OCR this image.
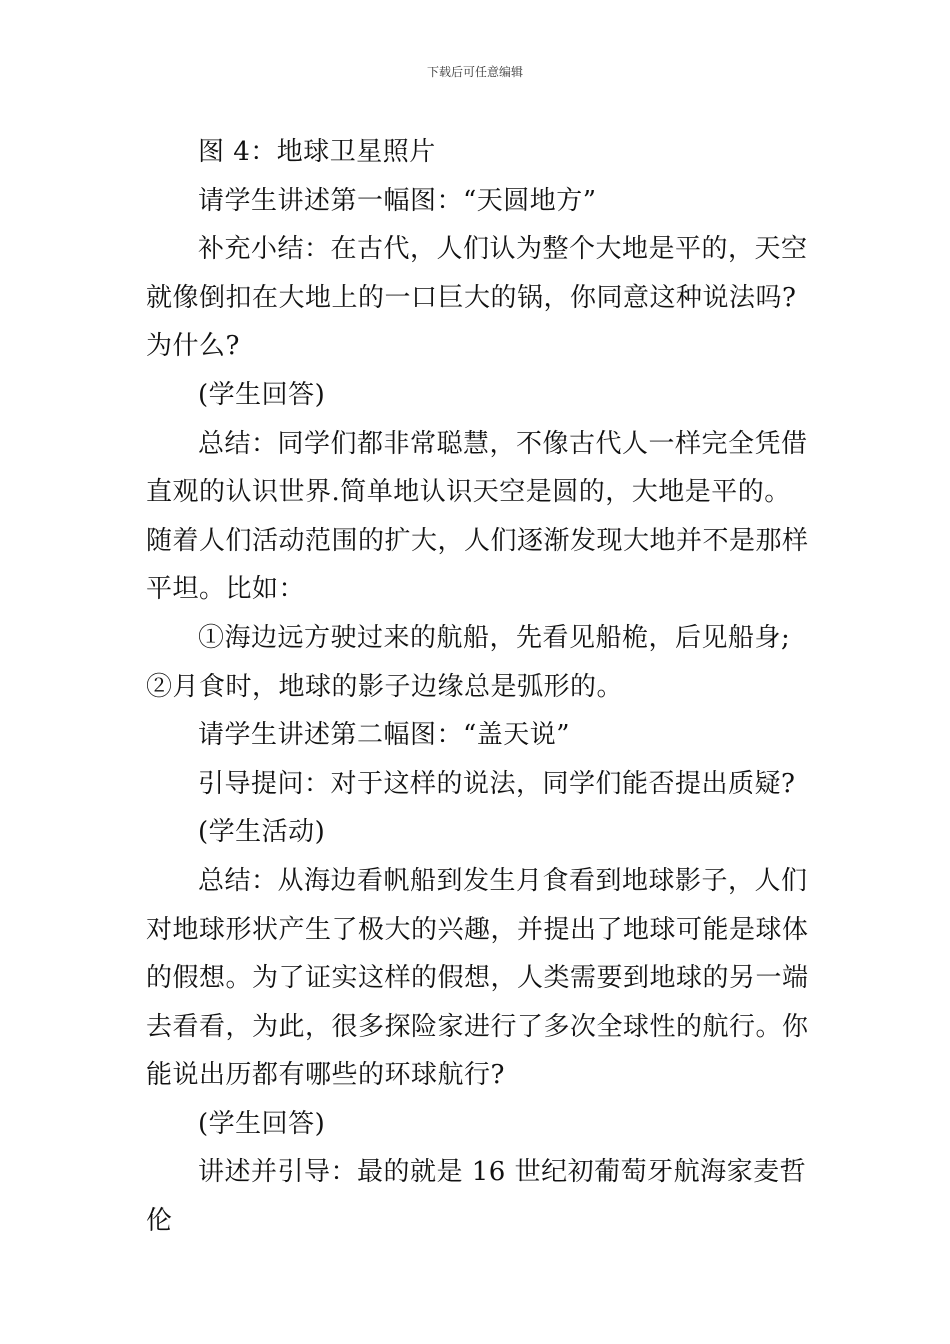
下载后可任意编辑

图 4：地球卫星照片

请学生讲述第一幅图：“天圆地方”

补充小结：在古代，人们认为整个大地是平的，天空就像倒扣在大地上的一口巨大的锅，你同意这种说法吗?为什么?

(学生回答)

总结：同学们都非常聪慧，不像古代人一样完全凭借直观的认识世界.简单地认识天空是圆的，大地是平的。随着人们活动范围的扩大，人们逐渐发现大地并不是那样平坦。比如：

①海边远方驶过来的航船，先看见船桅，后见船身;②月食时，地球的影子边缘总是弧形的。

请学生讲述第二幅图：“盖天说”

引导提问：对于这样的说法，同学们能否提出质疑?

(学生活动)

总结：从海边看帆船到发生月食看到地球影子，人们对地球形状产生了极大的兴趣，并提出了地球可能是球体的假想。为了证实这样的假想，人类需要到地球的另一端去看看，为此，很多探险家进行了多次全球性的航行。你能说出历都有哪些的环球航行?

(学生回答)

讲述并引导：最的就是 16 世纪初葡萄牙航海家麦哲伦
